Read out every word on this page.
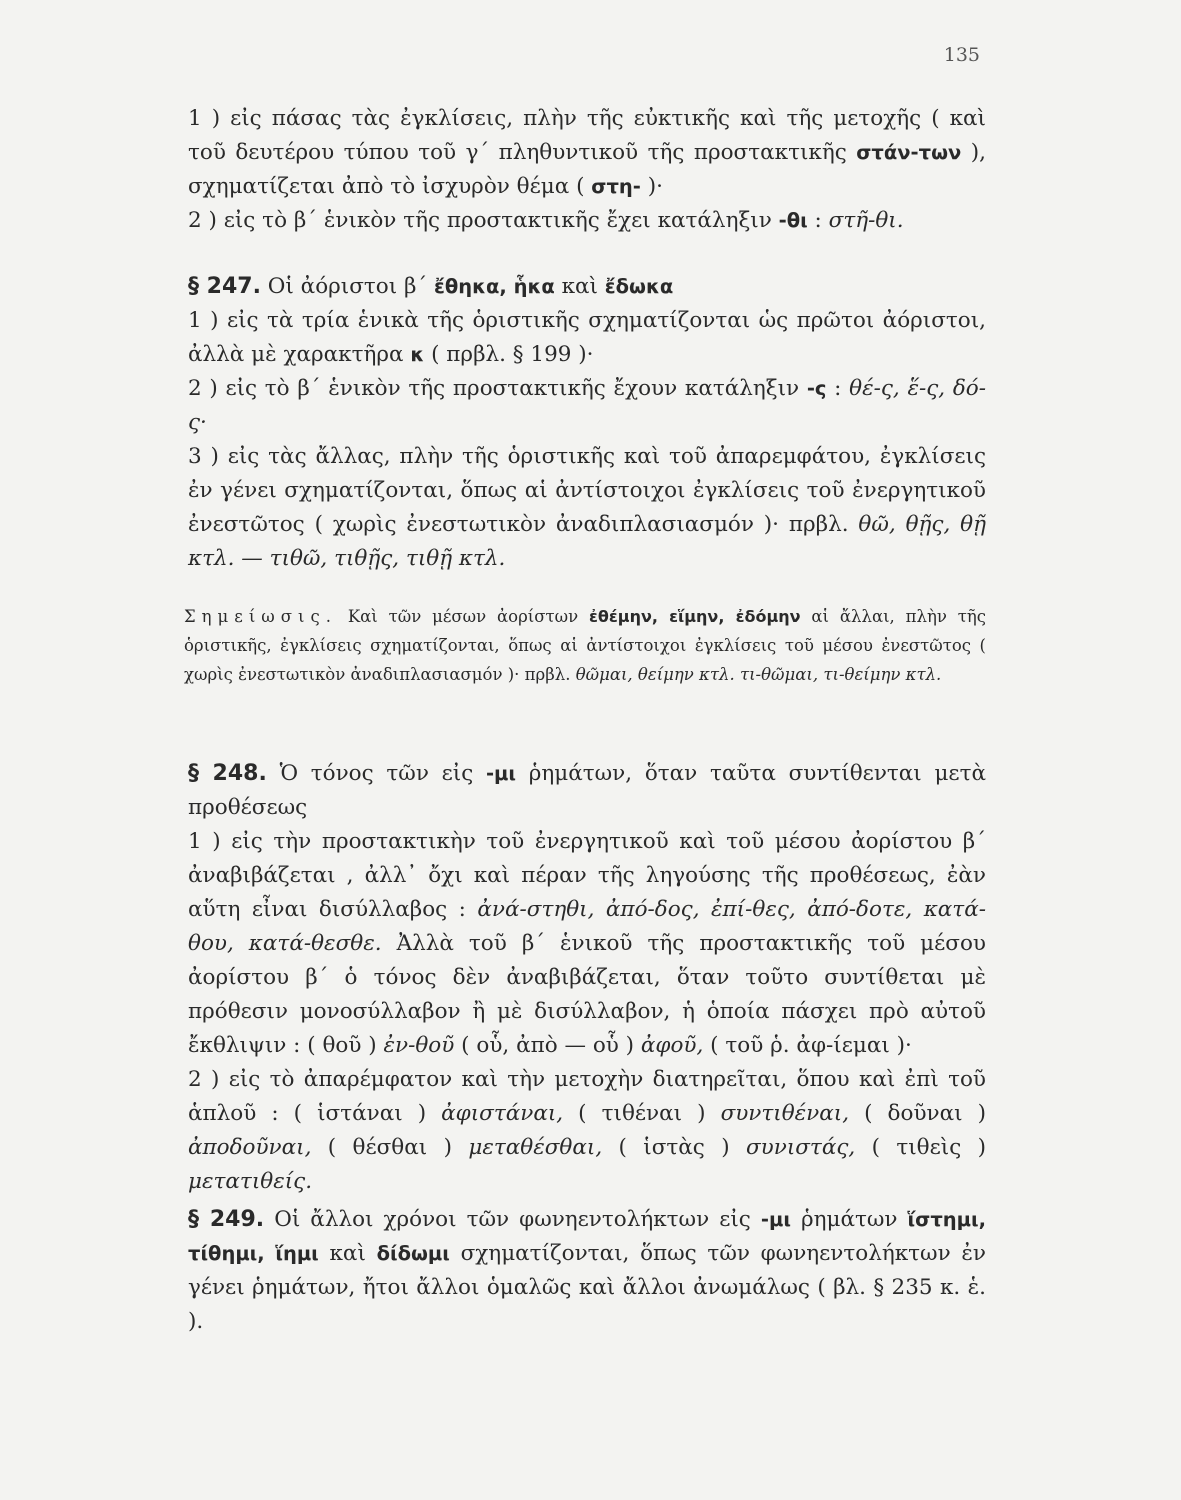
135
1 ) εἰς πάσας τὰς ἐγκλίσεις, πλὴν τῆς εὐκτικῆς καὶ τῆς μετοχῆς ( καὶ τοῦ δευτέρου τύπου τοῦ γ΄ πληθυντικοῦ τῆς προστακτικῆς στάν-των ), σχηματίζεται ἀπὸ τὸ ἰσχυρὸν θέμα ( στη- )·
2 ) εἰς τὸ β΄ ἑνικὸν τῆς προστακτικῆς ἔχει κατάληξιν -θι : στῆ-θι.
§ 247. Οἱ ἀόριστοι β΄ ἔθηκα, ἧκα καὶ ἔδωκα
1 ) εἰς τὰ τρία ἑνικὰ τῆς ὁριστικῆς σχηματίζονται ὡς πρῶτοι ἀόριστοι, ἀλλὰ μὲ χαρακτῆρα κ ( πρβλ. § 199 )·
2 ) εἰς τὸ β΄ ἑνικὸν τῆς προστακτικῆς ἔχουν κατάληξιν -ς : θέ-ς, ἕ-ς, δό-ς·
3 ) εἰς τὰς ἄλλας, πλὴν τῆς ὁριστικῆς καὶ τοῦ ἀπαρεμφάτου, ἐγκλίσεις ἐν γένει σχηματίζονται, ὅπως αἱ ἀντίστοιχοι ἐγκλίσεις τοῦ ἐνεργητικοῦ ἐνεστῶτος ( χωρὶς ἐνεστωτικὸν ἀναδιπλασιασμόν )· πρβλ. θῶ, θῇς, θῇ κτλ. — τιθῶ, τιθῇς, τιθῇ κτλ.
Σημείωσις. Καὶ τῶν μέσων ἀορίστων ἐθέμην, εἵμην, ἐδόμην αἱ ἄλλαι, πλὴν τῆς ὁριστικῆς, ἐγκλίσεις σχηματίζονται, ὅπως αἱ ἀντίστοιχοι ἐγκλίσεις τοῦ μέσου ἐνεστῶτος ( χωρὶς ἐνεστωτικὸν ἀναδιπλασιασμόν )· πρβλ. θῶμαι, θείμην κτλ. τι-θῶμαι, τι-θείμην κτλ.
§ 248. Ὁ τόνος τῶν εἰς -μι ῥημάτων, ὅταν ταῦτα συντίθενται μετὰ προθέσεως
1 ) εἰς τὴν προστακτικὴν τοῦ ἐνεργητικοῦ καὶ τοῦ μέσου ἀορίστου β΄ ἀναβιβάζεται , ἀλλ᾽ ὄχι καὶ πέραν τῆς ληγούσης τῆς προθέσεως, ἐὰν αὕτη εἶναι δισύλλαβος : ἀνά-στηθι, ἀπό-δος, ἐπί-θες, ἀπό-δοτε, κατά-θου, κατά-θεσθε. Ἀλλὰ τοῦ β΄ ἑνικοῦ τῆς προστακτικῆς τοῦ μέσου ἀορίστου β΄ ὁ τόνος δὲν ἀναβιβάζεται, ὅταν τοῦτο συντίθεται μὲ πρόθεσιν μονοσύλλαβον ἢ μὲ δισύλλαβον, ἡ ὁποία πάσχει πρὸ αὐτοῦ ἔκθλιψιν : ( θοῦ ) ἐν-θοῦ ( οὗ, ἀπὸ — οὗ ) ἀφοῦ, ( τοῦ ῥ. ἀφ-ίεμαι )·
2 ) εἰς τὸ ἀπαρέμφατον καὶ τὴν μετοχὴν διατηρεῖται, ὅπου καὶ ἐπὶ τοῦ ἁπλοῦ : ( ἱστάναι ) ἀφιστάναι, ( τιθέναι ) συντιθέναι, ( δοῦναι ) ἀποδοῦναι, ( θέσθαι ) μεταθέσθαι, ( ἱστὰς ) συνιστάς, ( τιθεὶς ) μετατιθείς.
§ 249. Οἱ ἄλλοι χρόνοι τῶν φωνηεντολήκτων εἰς -μι ῥημάτων ἵστημι, τίθημι, ἵημι καὶ δίδωμι σχηματίζονται, ὅπως τῶν φωνηεντολήκτων ἐν γένει ῥημάτων, ἤτοι ἄλλοι ὁμαλῶς καὶ ἄλλοι ἀνωμάλως ( βλ. § 235 κ. ἑ. ).
